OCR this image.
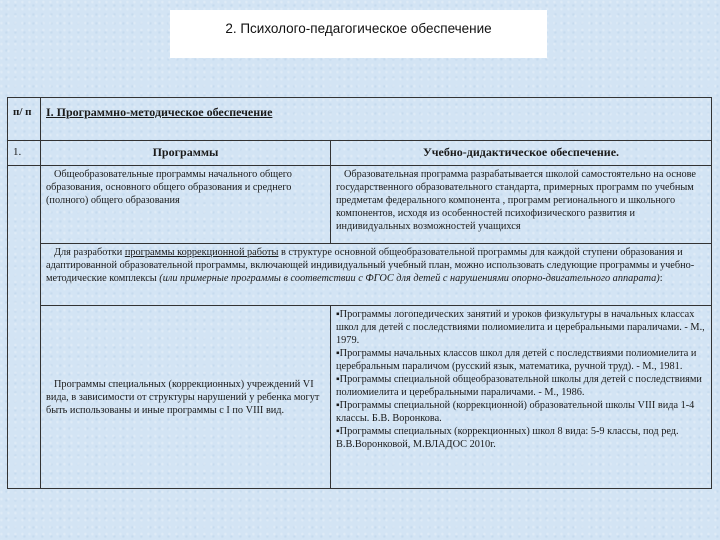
2. Психолого-педагогическое обеспечение
п/ п	I. Программно-методическое обеспечение	
1.	Программы	Учебно-дидактическое обеспечение.
	Общеобразовательные программы начального общего образования, основного общего образования и среднего (полного) общего образования	Образовательная программа разрабатывается школой самостоятельно на основе государственного образовательного стандарта, примерных программ по учебным предметам федерального компонента , программ регионального и школьного компонентов, исходя из особенностей психофизического развития и индивидуальных возможностей учащихся
	Для разработки программы коррекционной работы в структуре основной общеобразовательной программы для каждой ступени образования и адаптированной образовательной программы, включающей индивидуальный учебный план, можно использовать следующие программы и учебно-методические комплексы (или примерные программы в соответствии с ФГОС для детей с нарушениями опорно-двигательного аппарата):	
	Программы специальных (коррекционных) учреждений VI вида, в зависимости от структуры нарушений у ребенка могут быть использованы и иные программы с I по VIII вид.	▪Программы логопедических занятий и уроков физкультуры в начальных классах школ для детей с последствиями полиомиелита и церебральными параличами. - М., 1979.
▪Программы начальных классов школ для детей с последствиями полиомиелита и церебральным параличом (русский язык, математика, ручной труд). - М., 1981.
▪Программы специальной общеобразовательной школы для детей с последствиями полиомиелита и церебральными параличами. - М., 1986.
▪Программы специальной (коррекционной) образовательной школы VIII вида 1-4 классы. Б.В. Воронкова.
▪Программы специальных (коррекционных) школ 8 вида: 5-9 классы, под ред. В.В.Воронковой, М.ВЛАДОС 2010г.
